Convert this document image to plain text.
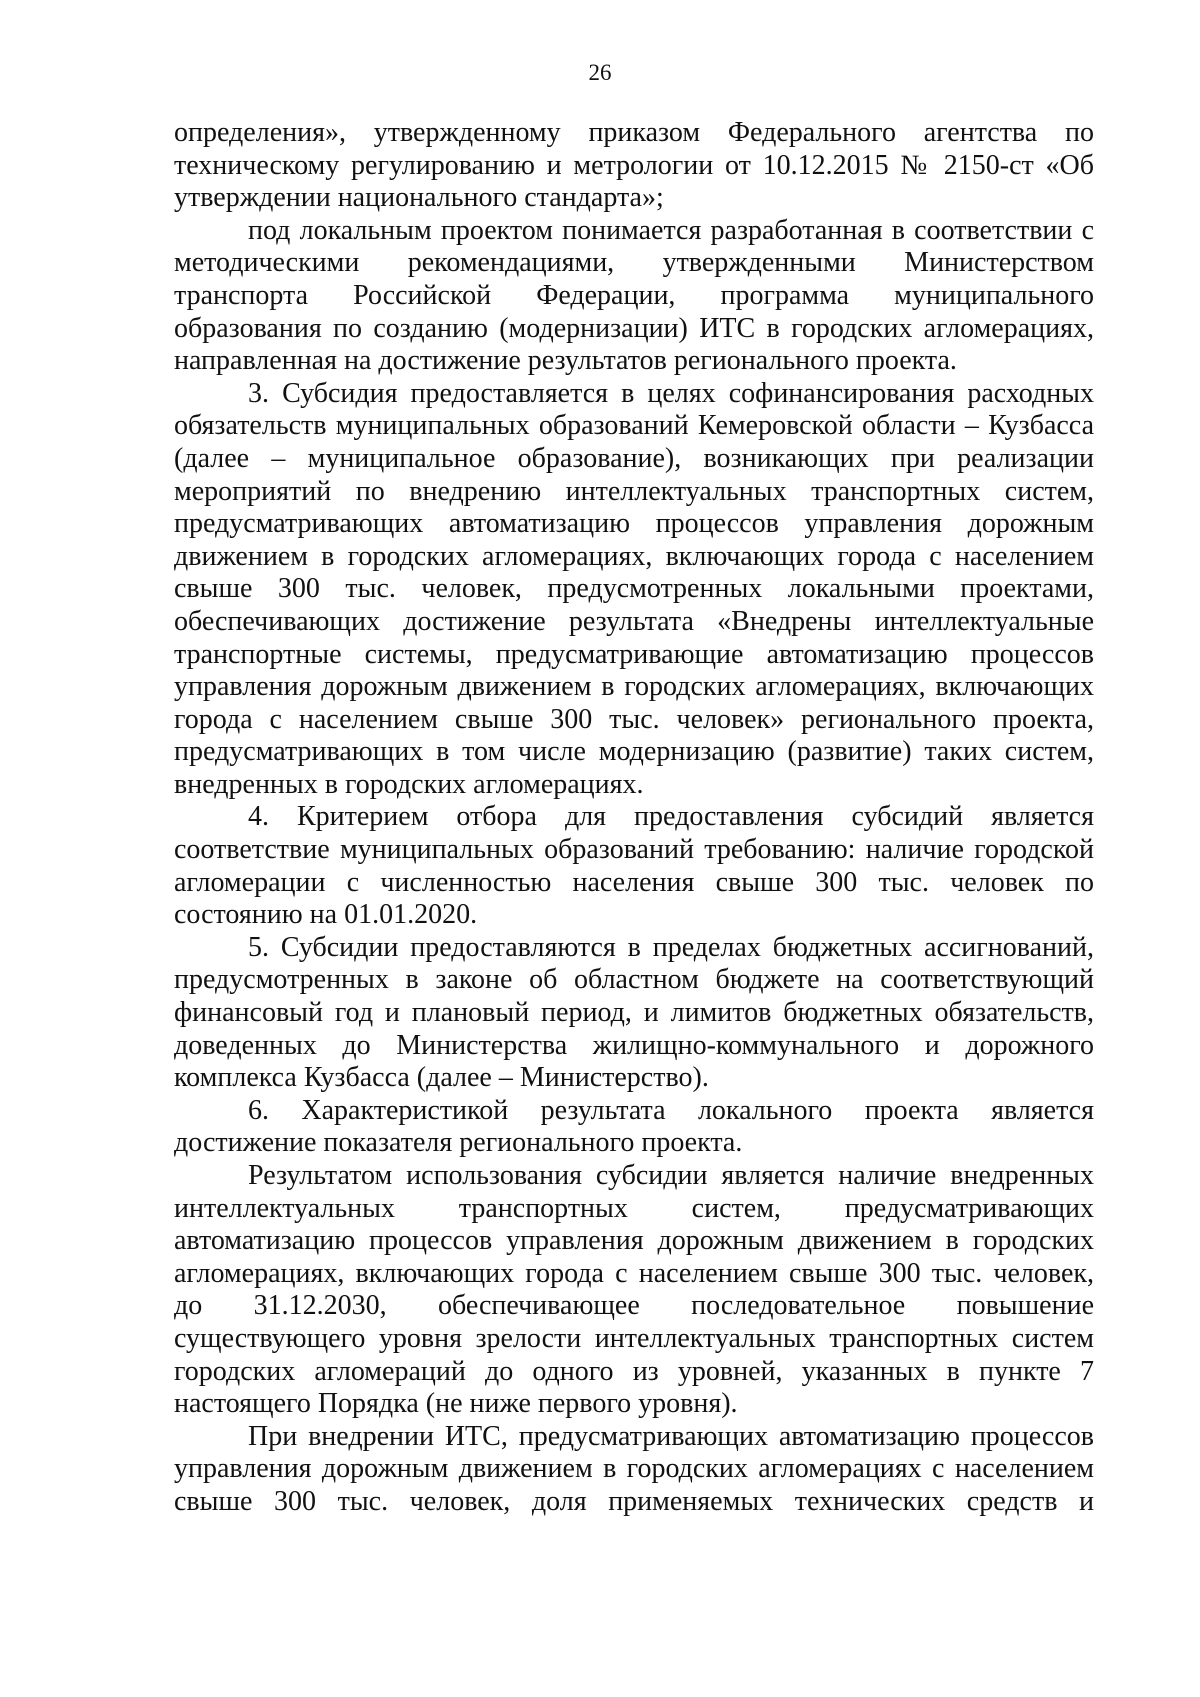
26

определения», утвержденному приказом Федерального агентства по техническому регулированию и метрологии от 10.12.2015 № 2150-ст «Об утверждении национального стандарта»;

под локальным проектом понимается разработанная в соответствии с методическими рекомендациями, утвержденными Министерством транспорта Российской Федерации, программа муниципального образования по созданию (модернизации) ИТС в городских агломерациях, направленная на достижение результатов регионального проекта.

3. Субсидия предоставляется в целях софинансирования расходных обязательств муниципальных образований Кемеровской области – Кузбасса (далее – муниципальное образование), возникающих при реализации мероприятий по внедрению интеллектуальных транспортных систем, предусматривающих автоматизацию процессов управления дорожным движением в городских агломерациях, включающих города с населением свыше 300 тыс. человек, предусмотренных локальными проектами, обеспечивающих достижение результата «Внедрены интеллектуальные транспортные системы, предусматривающие автоматизацию процессов управления дорожным движением в городских агломерациях, включающих города с населением свыше 300 тыс. человек» регионального проекта, предусматривающих в том числе модернизацию (развитие) таких систем, внедренных в городских агломерациях.

4. Критерием отбора для предоставления субсидий является соответствие муниципальных образований требованию: наличие городской агломерации с численностью населения свыше 300 тыс. человек по состоянию на 01.01.2020.

5. Субсидии предоставляются в пределах бюджетных ассигнований, предусмотренных в законе об областном бюджете на соответствующий финансовый год и плановый период, и лимитов бюджетных обязательств, доведенных до Министерства жилищно-коммунального и дорожного комплекса Кузбасса (далее – Министерство).

6. Характеристикой результата локального проекта является достижение показателя регионального проекта.

Результатом использования субсидии является наличие внедренных интеллектуальных транспортных систем, предусматривающих автоматизацию процессов управления дорожным движением в городских агломерациях, включающих города с населением свыше 300 тыс. человек, до 31.12.2030, обеспечивающее последовательное повышение существующего уровня зрелости интеллектуальных транспортных систем городских агломераций до одного из уровней, указанных в пункте 7 настоящего Порядка (не ниже первого уровня).

При внедрении ИТС, предусматривающих автоматизацию процессов управления дорожным движением в городских агломерациях с населением свыше 300 тыс. человек, доля применяемых технических средств и
